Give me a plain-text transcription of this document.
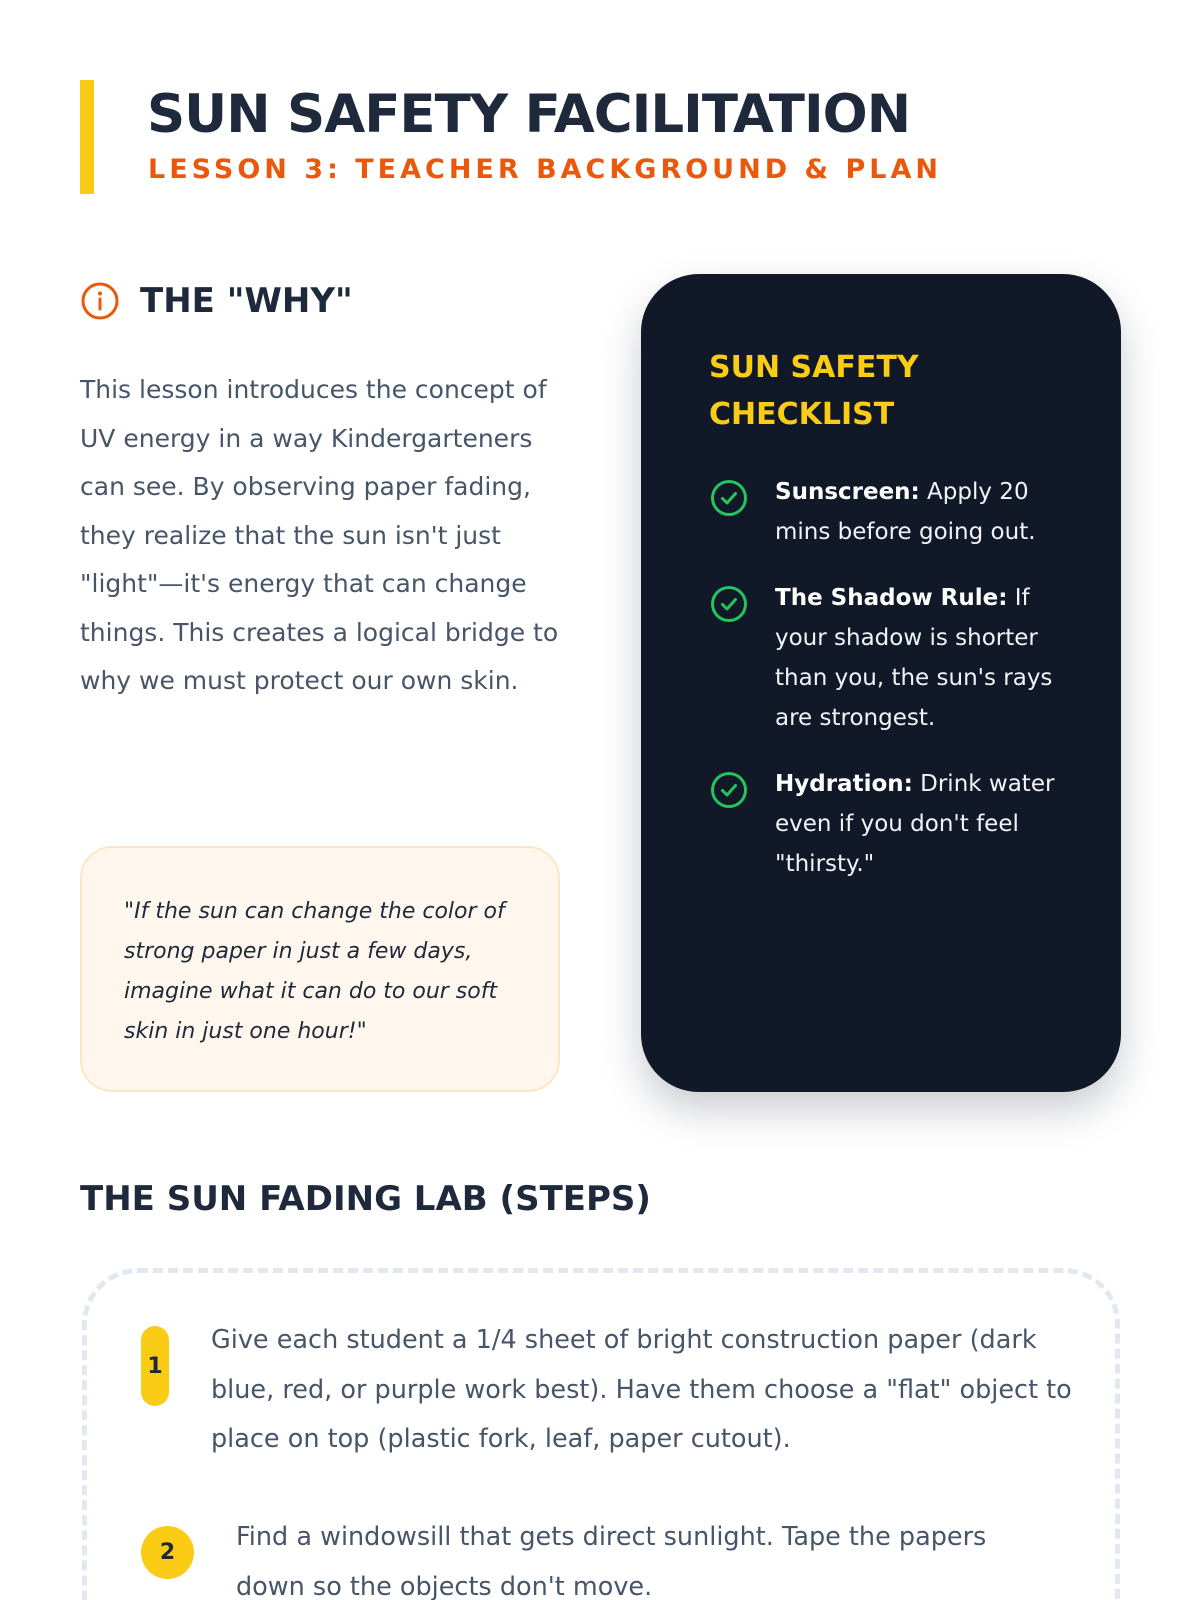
SUN SAFETY FACILITATION
LESSON 3: TEACHER BACKGROUND & PLAN
THE "WHY"

This lesson introduces the concept of UV energy in a way Kindergarteners can see. By observing paper fading, they realize that the sun isn't just "light"—it's energy that can change things. This creates a logical bridge to why we must protect our own skin.

"If the sun can change the color of strong paper in just a few days, imagine what it can do to our soft skin in just one hour!"

SUN SAFETY CHECKLIST

Sunscreen: Apply 20 mins before going out.

The Shadow Rule: If your shadow is shorter than you, the sun's rays are strongest.

Hydration: Drink water even if you don't feel "thirsty."

THE SUN FADING LAB (STEPS)
1

Give each student a 1/4 sheet of bright construction paper (dark blue, red, or purple work best). Have them choose a "flat" object to place on top (plastic fork, leaf, paper cutout).

2

Find a windowsill that gets direct sunlight. Tape the papers down so the objects don't move.
